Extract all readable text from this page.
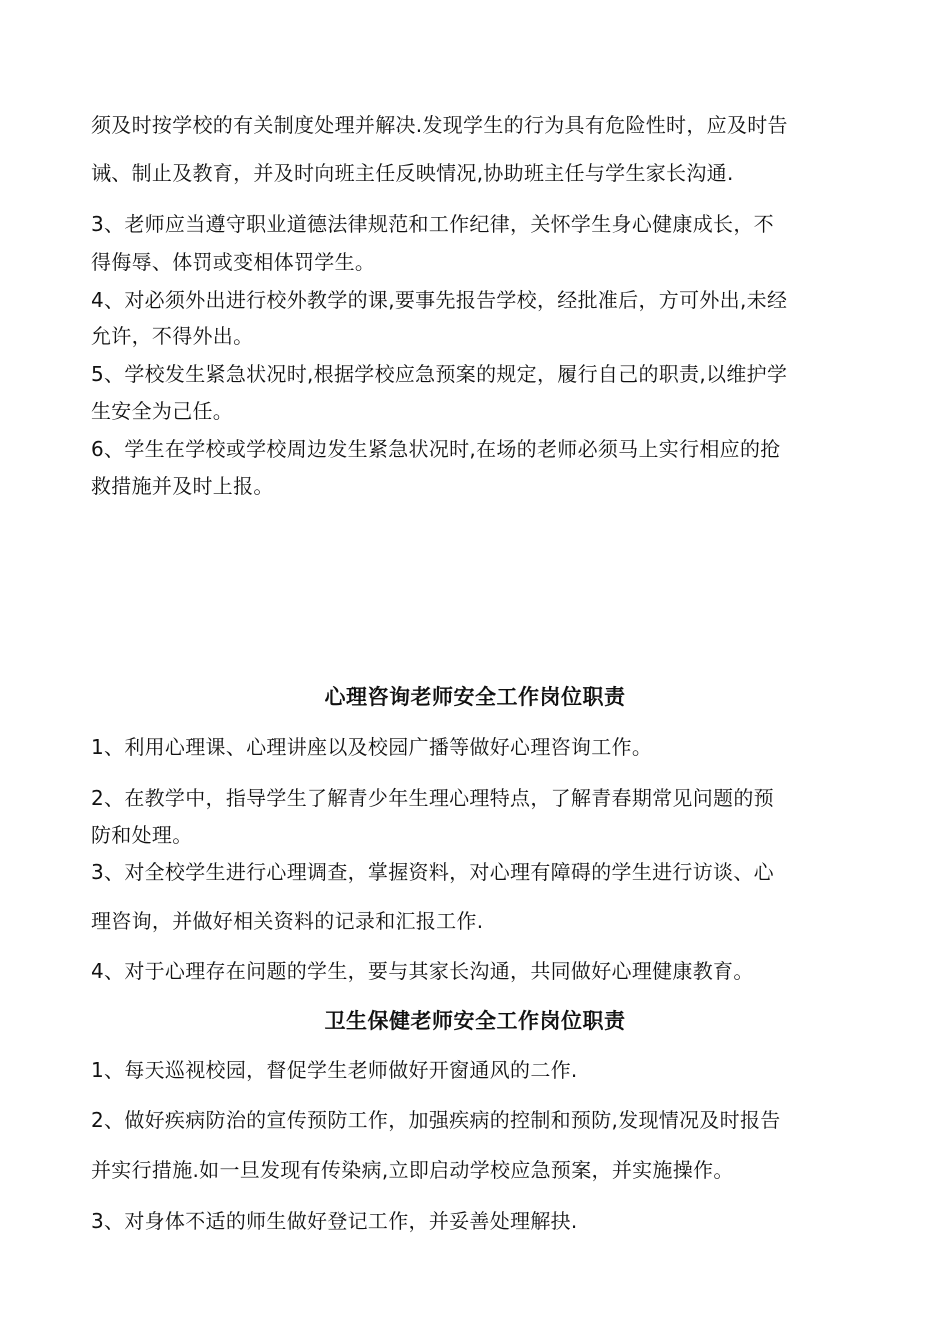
须及时按学校的有关制度处理并解决.发现学生的行为具有危险性时，应及时告
诫、制止及教育，并及时向班主任反映情况,协助班主任与学生家长沟通.
3、老师应当遵守职业道德法律规范和工作纪律，关怀学生身心健康成长，不
得侮辱、体罚或变相体罚学生。
4、对必须外出进行校外教学的课,要事先报告学校，经批准后，方可外出,未经
允许，不得外出。
5、学校发生紧急状况时,根据学校应急预案的规定，履行自己的职责,以维护学
生安全为己任。
6、学生在学校或学校周边发生紧急状况时,在场的老师必须马上实行相应的抢
救措施并及时上报。
心理咨询老师安全工作岗位职责
1、利用心理课、心理讲座以及校园广播等做好心理咨询工作。
2、在教学中，指导学生了解青少年生理心理特点，了解青春期常见问题的预
防和处理。
3、对全校学生进行心理调查，掌握资料，对心理有障碍的学生进行访谈、心
理咨询，并做好相关资料的记录和汇报工作.
4、对于心理存在问题的学生，要与其家长沟通，共同做好心理健康教育。
卫生保健老师安全工作岗位职责
1、每天巡视校园，督促学生老师做好开窗通风的二作.
2、做好疾病防治的宣传预防工作，加强疾病的控制和预防,发现情况及时报告
并实行措施.如一旦发现有传染病,立即启动学校应急预案，并实施操作。
3、对身体不适的师生做好登记工作，并妥善处理解抉.
